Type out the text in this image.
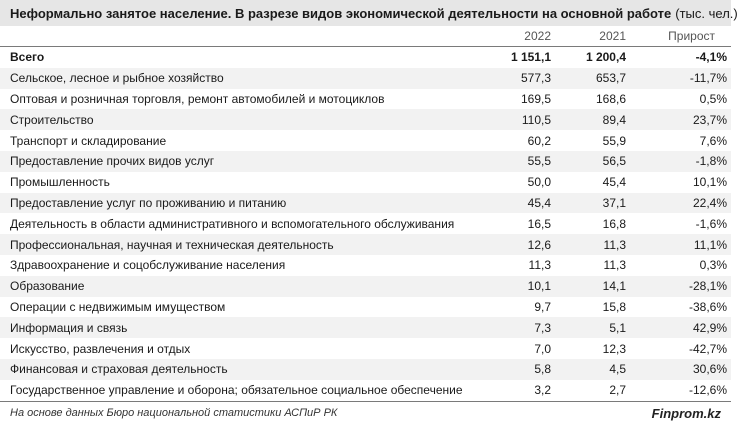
Неформально занятое население. В разрезе видов экономической деятельности на основной работе (тыс. чел.)
	2022	2021	Прирост
Всего	1 151,1	1 200,4	-4,1%
Сельское, лесное и рыбное хозяйство	577,3	653,7	-11,7%
Оптовая и розничная торговля, ремонт автомобилей и мотоциклов	169,5	168,6	0,5%
Строительство	110,5	89,4	23,7%
Транспорт и складирование	60,2	55,9	7,6%
Предоставление прочих видов услуг	55,5	56,5	-1,8%
Промышленность	50,0	45,4	10,1%
Предоставление услуг по проживанию и питанию	45,4	37,1	22,4%
Деятельность в области административного и вспомогательного обслуживания	16,5	16,8	-1,6%
Профессиональная, научная и техническая деятельность	12,6	11,3	11,1%
Здравоохранение и соцобслуживание населения	11,3	11,3	0,3%
Образование	10,1	14,1	-28,1%
Операции с недвижимым имуществом	9,7	15,8	-38,6%
Информация и связь	7,3	5,1	42,9%
Искусство, развлечения и отдых	7,0	12,3	-42,7%
Финансовая и страховая деятельность	5,8	4,5	30,6%
Государственное управление и оборона; обязательное социальное обеспечение	3,2	2,7	-12,6%
На основе данных Бюро национальной статистики АСПиР РК	Finprom.kz
